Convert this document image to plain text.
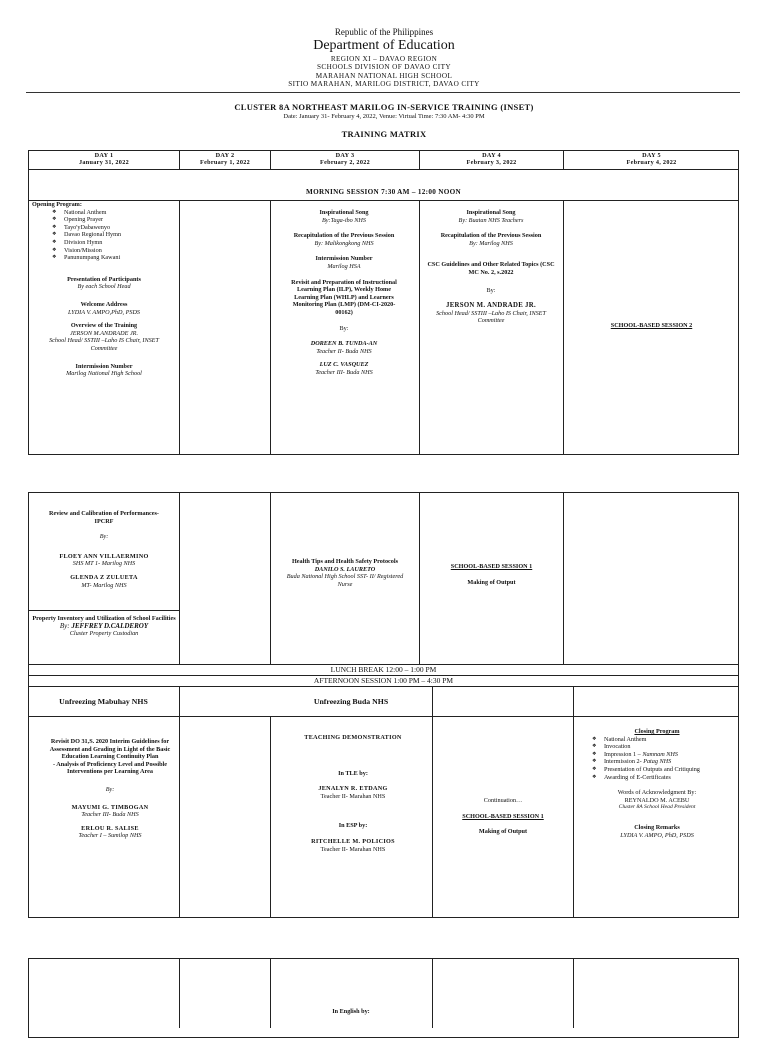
Republic of the Philippines
Department of Education
REGION XI – DAVAO REGION
SCHOOLS DIVISION OF DAVAO CITY
MARAHAN NATIONAL HIGH SCHOOL
SITIO MARAHAN, MARILOG DISTRICT, DAVAO CITY
CLUSTER 8A NORTHEAST MARILOG IN-SERVICE TRAINING (INSET)
Date: January 31- February 4, 2022, Venue: Virtual Time: 7:30 AM- 4:30 PM
TRAINING MATRIX
DAY 1
January 31, 2022
DAY 2
February 1, 2022
DAY 3
February 2, 2022
DAY 4
February 3, 2022
DAY 5
February 4, 2022
MORNING SESSION 7:30 AM – 12:00 NOON
Opening Program:
❖ National Anthem
❖ Opening Prayer
❖ Tayo'yDabawenyo
❖ Davao Regional Hymn
❖ Division Hymn
❖ Vision/Mission
❖ Panunumpang Kawani
Presentation of Participants
By each School Head
Welcome Address
LYDIA V. AMPO,PhD, PSDS
Overview of the Training
JERSON M.ANDRADE JR.
School Head/ SSTIII –Laho IS Chair, INSET Committee
Intermission Number
Marilog National High School
Inspirational Song
By:Taga-ibo NHS
Recapitulation of the Previous Session
By: Malikongkong NHS
Intermission Number
Marilog HSA
Revisit and Preparation of Instructional Learning Plan (ILP), Weekly Home Learning Plan (WHLP) and Learners Monitoring Plan (LMP) (DM-CI-2020-00162)
By:
DOREEN B. TUNDA-AN
Teacher II- Buda NHS
LUZ C. VASQUEZ
Teacher III- Buda NHS
Inspirational Song
By: Buatan NHS Teachers
Recapitulation of the Previous Session
By: Marilog NHS
CSC Guidelines and Other Related Topics (CSC MC No. 2, s.2022
By:
JERSON M. ANDRADE JR.
School Head/ SSTIII –Laho IS Chair, INSET Committee
SCHOOL-BASED SESSION 2
Review and Calibration of Performances- IPCRF
By:
FLOEY ANN VILLAERMINO
SHS MT 1- Marilog NHS
GLENDA Z ZULUETA
MT- Marilog NHS
Property Inventory and Utilization of School Facilities
By: JEFFREY D.CALDEROY
Cluster Property Custodian
Health Tips and Health Safety Protocols
DANILO S. LAURETO
Buda National High School SST- II/ Registered Nurse
SCHOOL-BASED SESSION 1
Making of Output
LUNCH BREAK 12:00 – 1:00 PM
AFTERNOON SESSION 1:00 PM – 4:30 PM
Unfreezing Mabuhay NHS	Unfreezing Buda NHS
Revisit DO 31,S. 2020 Interim Guidelines for Assessment and Grading in Light of the Basic Education Learning Continuity Plan
- Analysis of Proficiency Level and Possible Interventions per Learning Area
By:
MAYUMI G. TIMBOGAN
Teacher III- Buda NHS
ERLOU R. SALISE
Teacher I – Sumilop NHS
TEACHING DEMONSTRATION
In TLE by:
JENALYN R. ETDANG
Teacher II- Marahan NHS
In ESP by:
RITCHELLE M. POLICIOS
Teacher II- Marahan NHS
Continuation…
SCHOOL-BASED SESSION 1
Making of Output
Closing Program
❖ National Anthem
❖ Invocation
❖ Impression 1 – Namnam NHS
❖ Intermission 2- Patag NHS
❖ Presentation of Outputs and Critiquing
❖ Awarding of E-Certificates
Words of Acknowledgment By:
REYNALDO M. ACEBU
Cluster 8A School Head President
Closing Remarks
LYDIA V. AMPO, PhD, PSDS
In English by:
